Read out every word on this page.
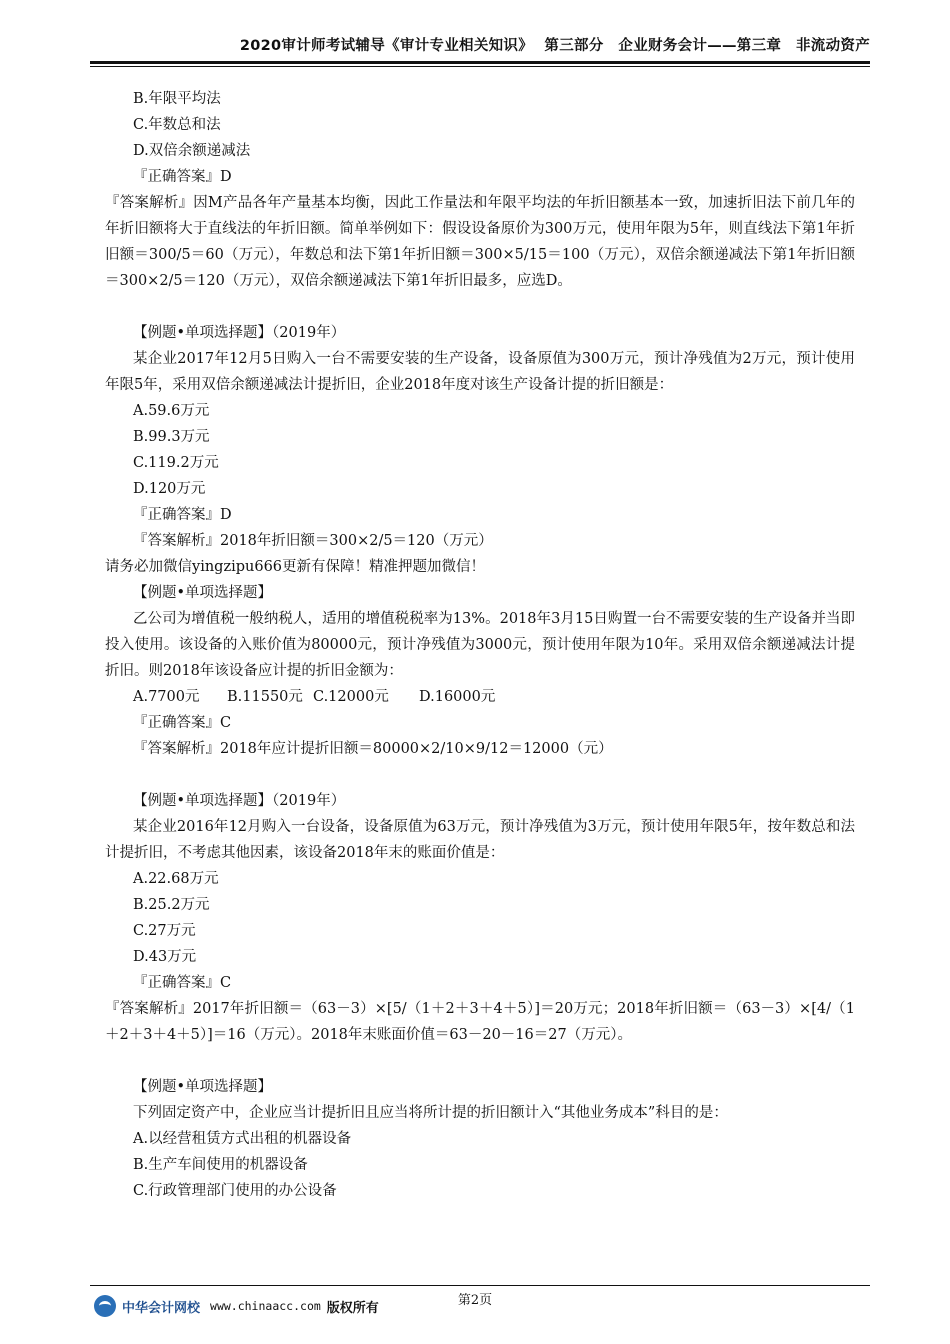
2020审计师考试辅导《审计专业相关知识》 第三部分　企业财务会计——第三章　非流动资产
B.年限平均法
C.年数总和法
D.双倍余额递减法
『正确答案』D
『答案解析』因M产品各年产量基本均衡，因此工作量法和年限平均法的年折旧额基本一致，加速折旧法下前几年的年折旧额将大于直线法的年折旧额。简单举例如下：假设设备原价为300万元，使用年限为5年，则直线法下第1年折旧额＝300/5＝60（万元），年数总和法下第1年折旧额＝300×5/15＝100（万元），双倍余额递减法下第1年折旧额＝300×2/5＝120（万元），双倍余额递减法下第1年折旧最多，应选D。
【例题•单项选择题】（2019年）
某企业2017年12月5日购入一台不需要安装的生产设备，设备原值为300万元，预计净残值为2万元，预计使用年限5年，采用双倍余额递减法计提折旧，企业2018年度对该生产设备计提的折旧额是：
A.59.6万元
B.99.3万元
C.119.2万元
D.120万元
『正确答案』D
『答案解析』2018年折旧额＝300×2/5＝120（万元）
请务必加微信yingzipu666更新有保障！精准押题加微信！
【例题•单项选择题】
乙公司为增值税一般纳税人，适用的增值税税率为13%。2018年3月15日购置一台不需要安装的生产设备并当即投入使用。该设备的入账价值为80000元，预计净残值为3000元，预计使用年限为10年。采用双倍余额递减法计提折旧。则2018年该设备应计提的折旧金额为：
A.7700元 B.11550元 C.12000元 D.16000元
『正确答案』C
『答案解析』2018年应计提折旧额＝80000×2/10×9/12＝12000（元）
【例题•单项选择题】（2019年）
某企业2016年12月购入一台设备，设备原值为63万元，预计净残值为3万元，预计使用年限5年，按年数总和法计提折旧，不考虑其他因素，该设备2018年末的账面价值是：
A.22.68万元
B.25.2万元
C.27万元
D.43万元
『正确答案』C
『答案解析』2017年折旧额＝（63－3）×[5/（1＋2＋3＋4＋5）]＝20万元；2018年折旧额＝（63－3）×[4/（1＋2＋3＋4＋5）]＝16（万元）。2018年末账面价值＝63－20－16＝27（万元）。
【例题•单项选择题】
下列固定资产中，企业应当计提折旧且应当将所计提的折旧额计入“其他业务成本”科目的是：
A.以经营租赁方式出租的机器设备
B.生产车间使用的机器设备
C.行政管理部门使用的办公设备
中华会计网校 www.chinaacc.com 版权所有	第2页
